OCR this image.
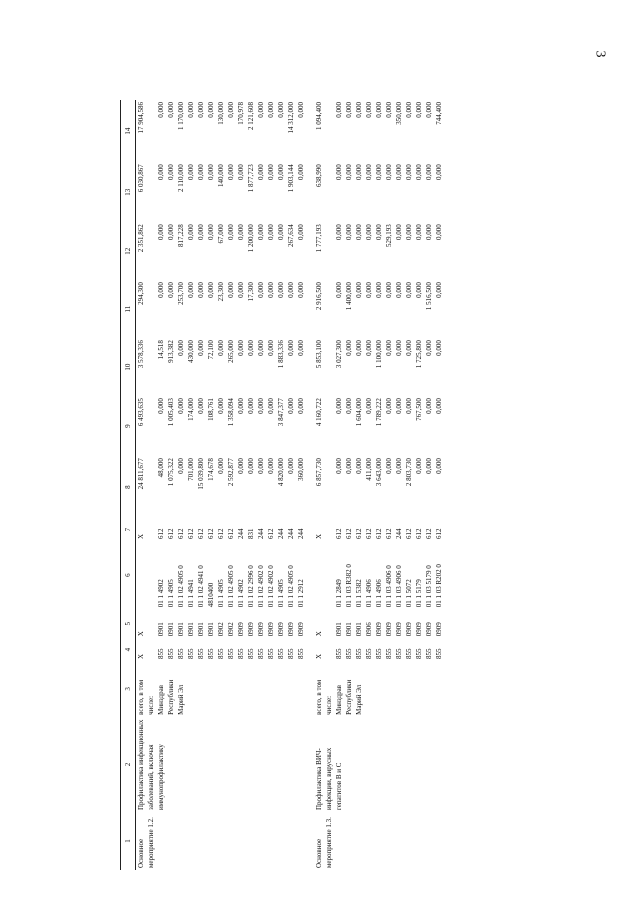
3
1	2	3	4	5	6	7	8	9	10	11	12	13	14
Основное мероприятие 1.2.	Профилактика инфекционных заболеваний, включая иммунопрофилактику	всего, в том числе:	Х	Х		Х	24 811,677	6 493,635	3 578,336	294,300	2 351,862	6 030,867	17 904,586
		Минздрав Республики Марий Эл	855	0901	01 1 4902	612	48,000	0,000	14,518	0,000	0,000	0,000	0,000
			855	0901	01 1 4905	612	1 075,322	1 005,403	913,382	0,000	0,000	0,000	0,000
			855	0901	01 1 02 4905 0	612	0,000	0,000	0,000	253,700	817,228	2 110,000	1 170,000
			855	0901	01 1 4941	612	701,000	174,000	430,000	0,000	0,000	0,000	0,000
			855	0901	01 1 02 4941 0	612	15 039,800	0,000	0,000	0,000	0,000	0,000	0,000
			855	0901	4810400	612	174,678	108,761	72,100	0,000	0,000	0,000	0,000
			855	0902	01 1 4905	612	0,000	0,000	0,000	23,300	67,000	140,000	130,000
			855	0902	01 1 02 4905 0	612	2 592,877	1 358,094	265,000	0,000	0,000	0,000	0,000
			855	0909	01 1 4902	244	0,000	0,000	0,000	0,000	0,000	0,000	170,978
			855	0909	01 1 02 2996 0	831	0,000	0,000	0,000	17,300	1 200,000	1 877,723	2 121,608
			855	0909	01 1 02 4902 0	244	0,000	0,000	0,000	0,000	0,000	0,000	0,000
			855	0909	01 1 02 4902 0	612	0,000	0,000	0,000	0,000	0,000	0,000	0,000
			855	0909	01 1 4905	244	4 820,000	3 847,377	1 883,336	0,000	0,000	0,000	0,000
			855	0909	01 1 02 4905 0	244	0,000	0,000	0,000	0,000	267,634	1 903,144	14 312,000
			855	0909	01 1 2912	244	360,000	0,000	0,000	0,000	0,000	0,000	0,000

Основное мероприятие 1.3.	Профилактика ВИЧ-инфекции, вирусных гепатитов B и C	всего, в том числе:	Х	Х		Х	6 857,730	4 160,722	5 853,100	2 916,500	1 777,193	638,990	1 094,400
		Минздрав Республики Марий Эл	855	0901	01 1 2849	612	0,000	0,000	3 027,300	0,000	0,000	0,000	0,000
			855	0901	01 1 03 R382 0	612	0,000	0,000	0,000	1 400,000	0,000	0,000	0,000
			855	0901	01 1 5382	612	0,000	1 604,000	0,000	0,000	0,000	0,000	0,000
			855	0906	01 1 4906	612	411,000	0,000	0,000	0,000	0,000	0,000	0,000
			855	0909	01 1 4906	612	3 643,000	1 789,222	1 100,000	0,000	0,000	0,000	0,000
			855	0909	01 1 03 4906 0	612	0,000	0,000	0,000	0,000	529,193	0,000	0,000
			855	0909	01 1 03 4906 0	244	0,000	0,000	0,000	0,000	0,000	0,000	350,000
			855	0909	01 1 5072	612	2 803,730	0,000	0,000	0,000	0,000	0,000	0,000
			855	0909	01 1 5179	612	0,000	767,500	1 725,800	0,000	0,000	0,000	0,000
			855	0909	01 1 03 5179 0	612	0,000	0,000	0,000	1 516,500	0,000	0,000	0,000
			855	0909	01 1 03 R202 0	612	0,000	0,000	0,000	0,000	0,000	0,000	744,400
